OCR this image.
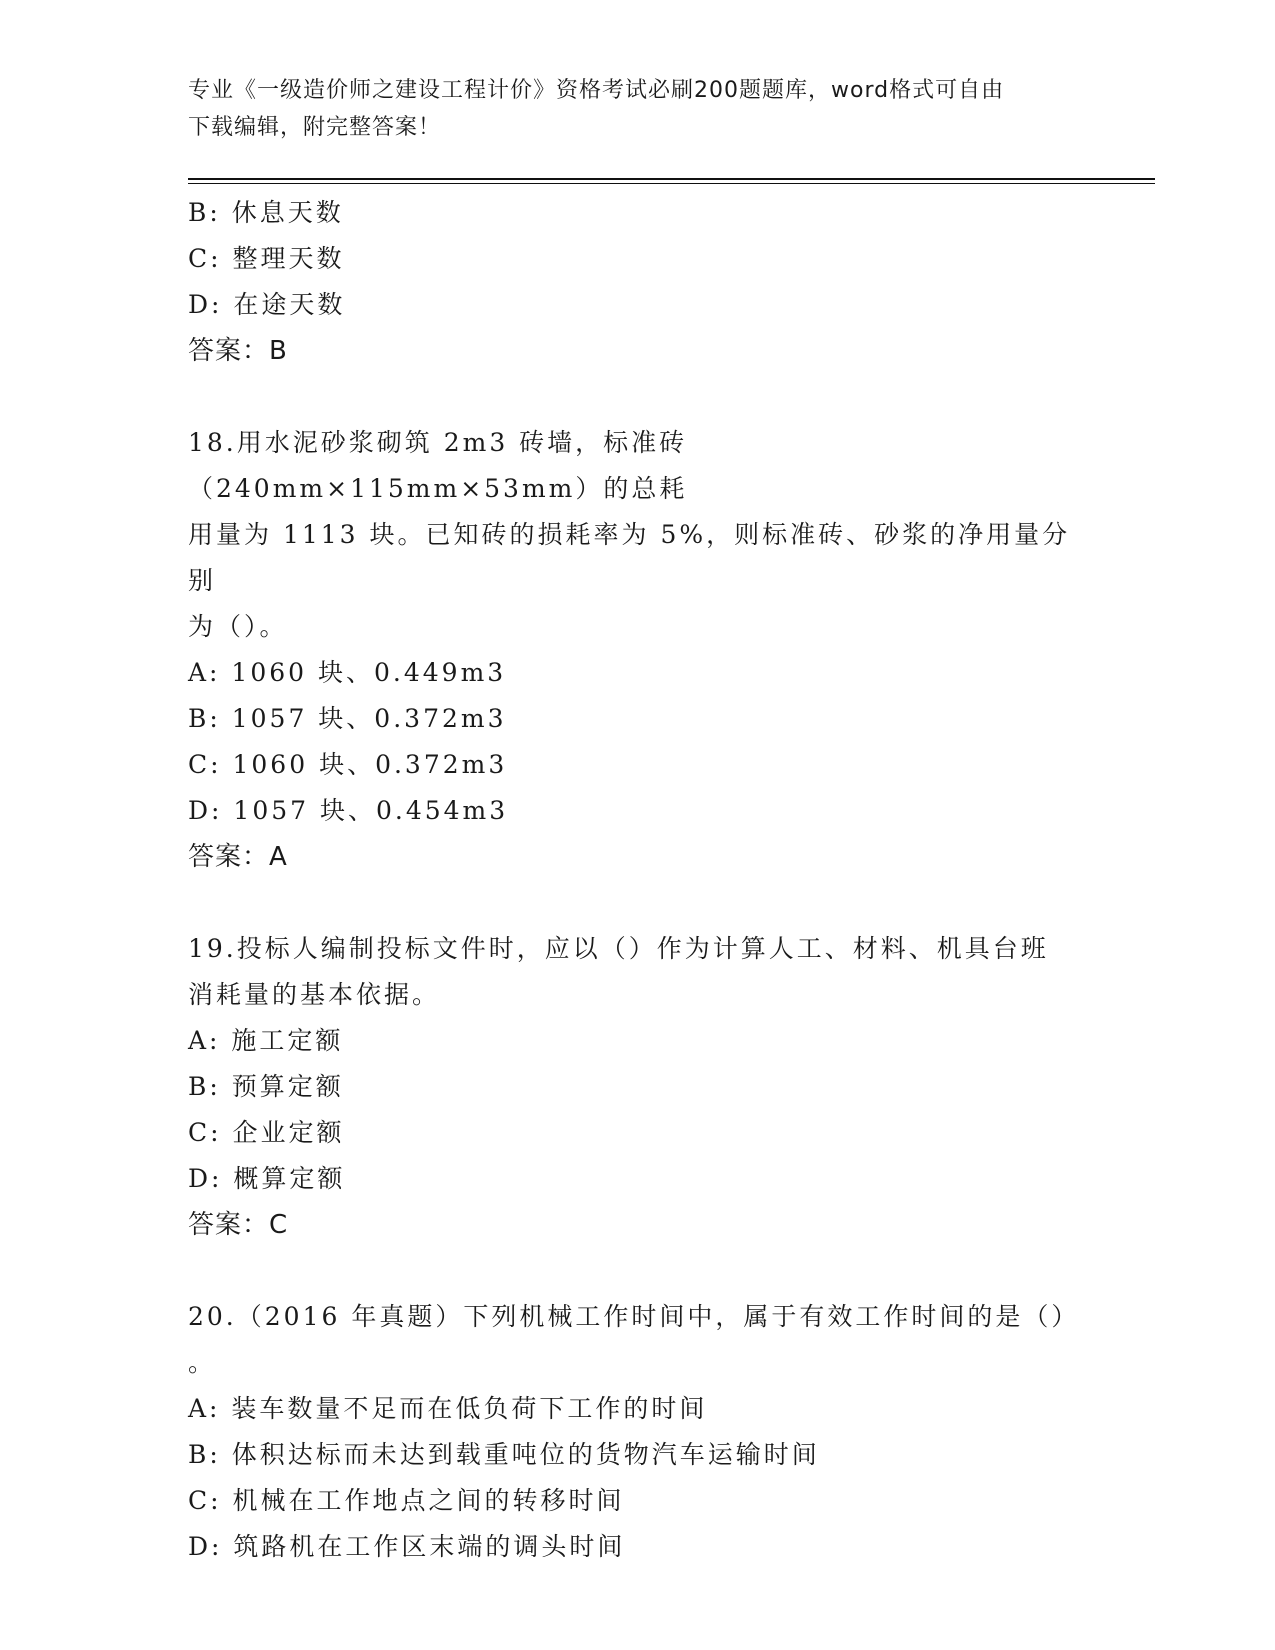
专业《一级造价师之建设工程计价》资格考试必刷200题题库，word格式可自由
下载编辑，附完整答案！

B: 休息天数

C: 整理天数

D: 在途天数

答案：B

18.用水泥砂浆砌筑 2m3 砖墙，标准砖（240mm×115mm×53mm）的总耗

用量为 1113 块。已知砖的损耗率为 5%，则标准砖、砂浆的净用量分别

为（）。

A: 1060 块、0.449m3

B: 1057 块、0.372m3

C: 1060 块、0.372m3

D: 1057 块、0.454m3

答案：A

19.投标人编制投标文件时，应以（）作为计算人工、材料、机具台班

消耗量的基本依据。

A: 施工定额

B: 预算定额

C: 企业定额

D: 概算定额

答案：C

20.（2016 年真题）下列机械工作时间中，属于有效工作时间的是（）

。

A: 装车数量不足而在低负荷下工作的时间

B: 体积达标而未达到载重吨位的货物汽车运输时间

C: 机械在工作地点之间的转移时间

D: 筑路机在工作区末端的调头时间
